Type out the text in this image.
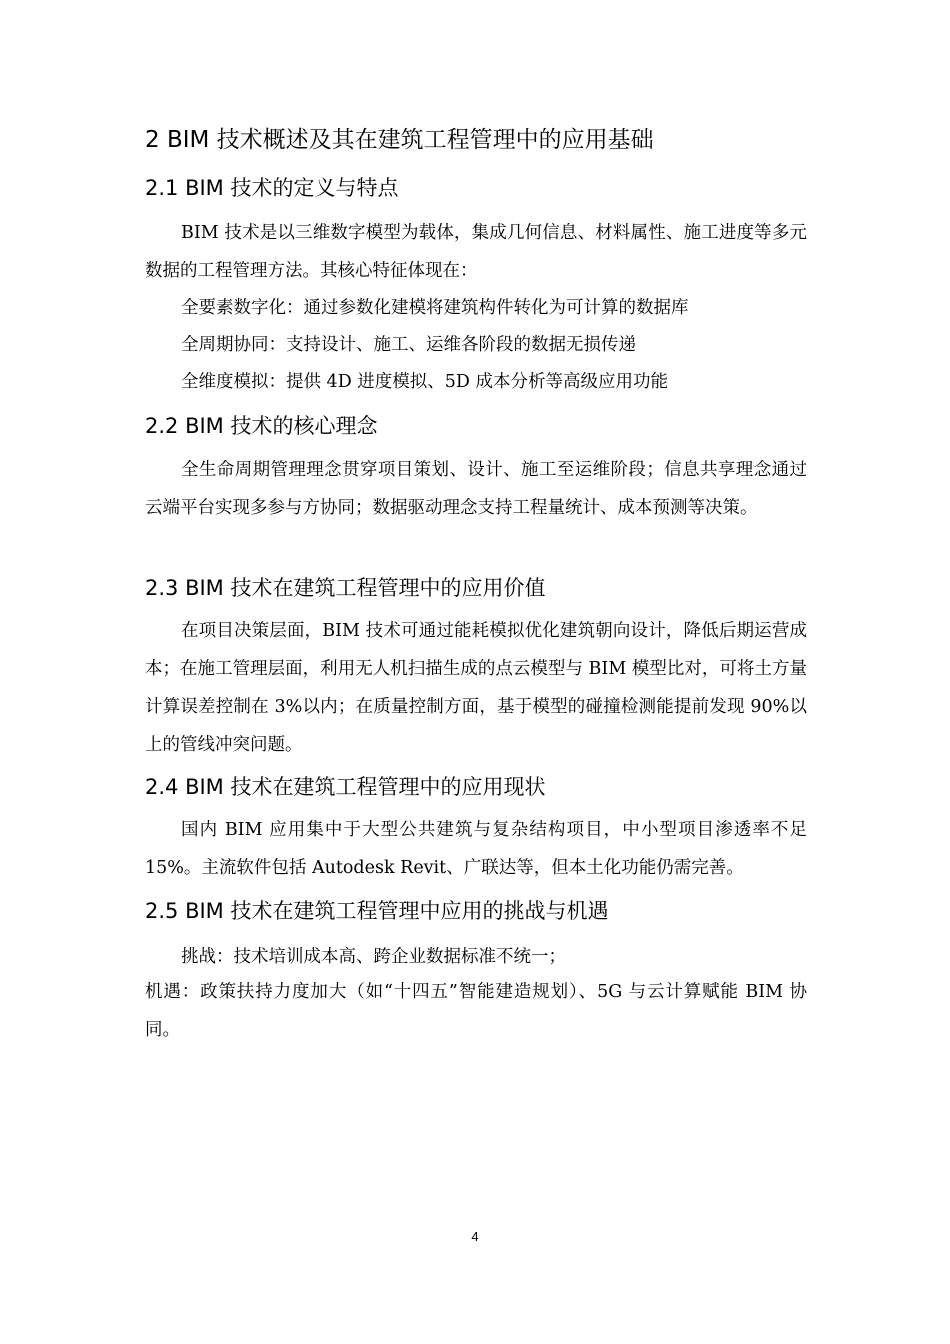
2 BIM 技术概述及其在建筑工程管理中的应用基础
2.1 BIM 技术的定义与特点

BIM 技术是以三维数字模型为载体，集成几何信息、材料属性、施工进度等多元数据的工程管理方法。其核心特征体现在：

全要素数字化：通过参数化建模将建筑构件转化为可计算的数据库
全周期协同：支持设计、施工、运维各阶段的数据无损传递
全维度模拟：提供 4D 进度模拟、5D 成本分析等高级应用功能
2.2 BIM 技术的核心理念

全生命周期管理理念贯穿项目策划、设计、施工至运维阶段；信息共享理念通过云端平台实现多参与方协同；数据驱动理念支持工程量统计、成本预测等决策。

2.3 BIM 技术在建筑工程管理中的应用价值

在项目决策层面，BIM 技术可通过能耗模拟优化建筑朝向设计，降低后期运营成本；在施工管理层面，利用无人机扫描生成的点云模型与 BIM 模型比对，可将土方量计算误差控制在 3%以内；在质量控制方面，基于模型的碰撞检测能提前发现 90%以上的管线冲突问题。

2.4 BIM 技术在建筑工程管理中的应用现状

国内 BIM 应用集中于大型公共建筑与复杂结构项目，中小型项目渗透率不足 15%。主流软件包括 Autodesk Revit、广联达等，但本土化功能仍需完善。

2.5 BIM 技术在建筑工程管理中应用的挑战与机遇
挑战：技术培训成本高、跨企业数据标准不统一；

机遇：政策扶持力度加大（如“十四五”智能建造规划）、5G 与云计算赋能 BIM 协同。

4
